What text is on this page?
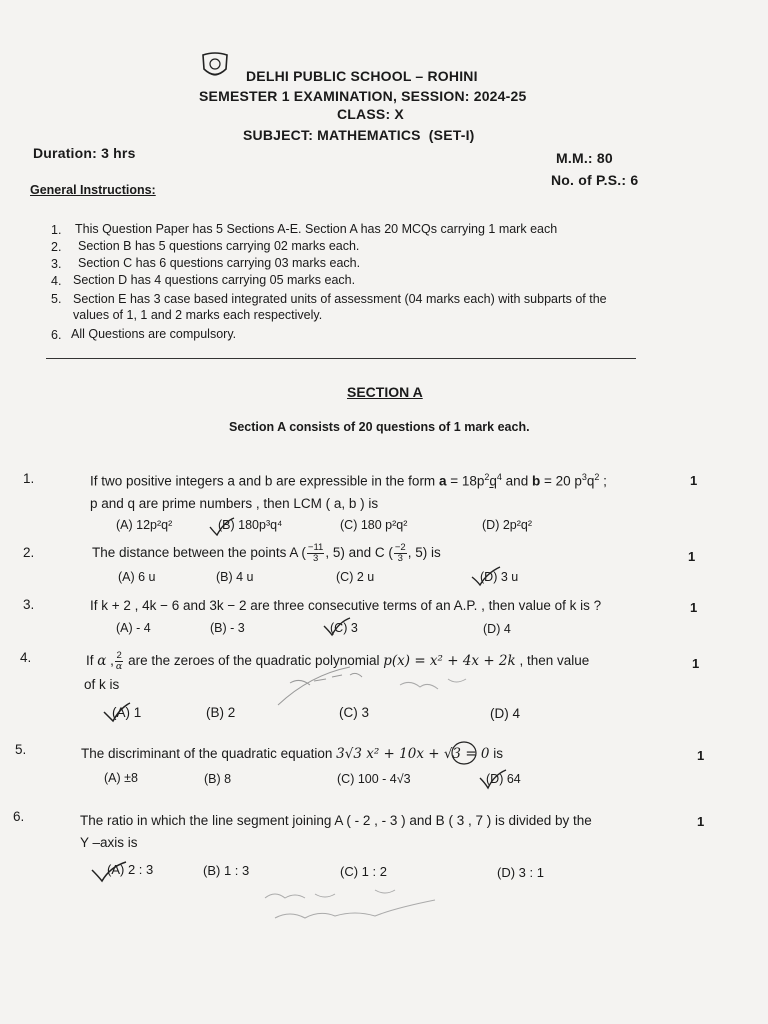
DELHI PUBLIC SCHOOL – ROHINI
SEMESTER 1 EXAMINATION, SESSION: 2024-25
CLASS: X
SUBJECT: MATHEMATICS (SET-I)
Duration: 3 hrs	M.M.: 80
No. of P.S.: 6
General Instructions:
1. This Question Paper has 5 Sections A-E. Section A has 20 MCQs carrying 1 mark each
2. Section B has 5 questions carrying 02 marks each.
3. Section C has 6 questions carrying 03 marks each.
4. Section D has 4 questions carrying 05 marks each.
5. Section E has 3 case based integrated units of assessment (04 marks each) with subparts of the
values of 1, 1 and 2 marks each respectively.
6. All Questions are compulsory.
SECTION A
Section A consists of 20 questions of 1 mark each.
1.	If two positive integers a and b are expressible in the form $a = 18p^2q^4$ and b = 20 $p^3q^2$ ;	1
p and q are prime numbers , then LCM ( a, b ) is
(A) 12p²q²	(B) 180p³q⁴	(C) 180 p²q²	(D) 2p²q²
2.	The distance between the points A ( $\frac{-11}{3}$ , 5) and C ( $\frac{-2}{3}$ , 5) is	1
(A) 6 u	(B) 4 u	(C) 2 u	(D) 3 u
3.	If k + 2 , 4k − 6 and 3k − 2 are three consecutive terms of an A.P. , then value of k is ?	1
(A) - 4	(B) - 3	(C) 3	(D) 4
4.	If α , $\frac{2}{\alpha}$ are the zeroes of the quadratic polynomial p(x) = x² + 4x + 2k , then value	1
of k is
(A) 1	(B) 2	(C) 3	(D) 4
5.	The discriminant of the quadratic equation 3√3 x² + 10x + √3 = 0 is	1
(A) ±8	(B) 8	(C) 100 - 4√3	(D) 64
6.	The ratio in which the line segment joining A ( - 2 , - 3 ) and B ( 3 , 7 ) is divided by the	1
Y –axis is
(A) 2 : 3	(B) 1 : 3	(C) 1 : 2	(D) 3 : 1
